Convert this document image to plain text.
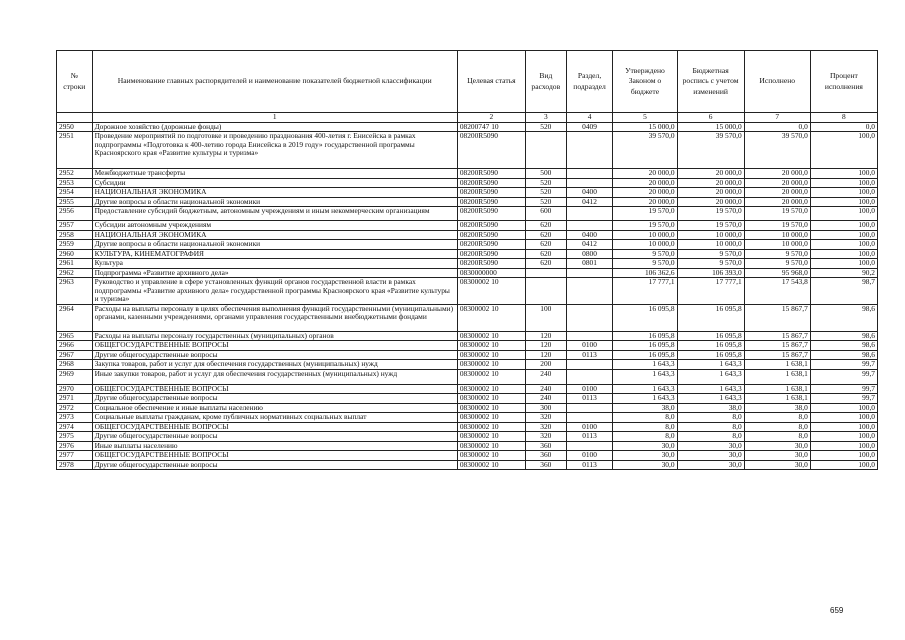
№ строки	Наименование главных распорядителей и наименование показателей бюджетной классификации	Целевая статья	Вид расходов	Раздел, подраздел	Утверждено Законом о бюджете	Бюджетная роспись с учетом изменений	Исполнено	Процент исполнения
	1	2	3	4	5	6	7	8
2950	Дорожное хозяйство (дорожные фонды)	08200747 10	520	0409	15 000,0	15 000,0	0,0	0,0
2951	Проведение мероприятий по подготовке и проведению празднования 400-летия г. Енисейска в рамках подпрограммы «Подготовка к 400-летию города Енисейска в 2019 году» государственной программы Красноярского края «Развитие культуры и туризма»	08200R5090			39 570,0	39 570,0	39 570,0	100,0
2952	Межбюджетные трансферты	08200R5090	500		20 000,0	20 000,0	20 000,0	100,0
2953	Субсидии	08200R5090	520		20 000,0	20 000,0	20 000,0	100,0
2954	НАЦИОНАЛЬНАЯ ЭКОНОМИКА	08200R5090	520	0400	20 000,0	20 000,0	20 000,0	100,0
2955	Другие вопросы в области национальной экономики	08200R5090	520	0412	20 000,0	20 000,0	20 000,0	100,0
2956	Предоставление субсидий бюджетным, автономным учреждениям и иным некоммерческим организациям	08200R5090	600		19 570,0	19 570,0	19 570,0	100,0
2957	Субсидии автономным учреждениям	08200R5090	620		19 570,0	19 570,0	19 570,0	100,0
2958	НАЦИОНАЛЬНАЯ ЭКОНОМИКА	08200R5090	620	0400	10 000,0	10 000,0	10 000,0	100,0
2959	Другие вопросы в области национальной экономики	08200R5090	620	0412	10 000,0	10 000,0	10 000,0	100,0
2960	КУЛЬТУРА, КИНЕМАТОГРАФИЯ	08200R5090	620	0800	9 570,0	9 570,0	9 570,0	100,0
2961	Культура	08200R5090	620	0801	9 570,0	9 570,0	9 570,0	100,0
2962	Подпрограмма «Развитие архивного дела»	0830000000			106 362,6	106 393,0	95 968,0	90,2
2963	Руководство и управление в сфере установленных функций органов государственной власти в рамках подпрограммы «Развитие архивного дела» государственной программы Красноярского края «Развитие культуры и туризма»	08300002 10			17 777,1	17 777,1	17 543,8	98,7
2964	Расходы на выплаты персоналу в целях обеспечения выполнения функций государственными (муниципальными) органами, казенными учреждениями, органами управления государственными внебюджетными фондами	08300002 10	100		16 095,8	16 095,8	15 867,7	98,6
2965	Расходы на выплаты персоналу государственных (муниципальных) органов	08300002 10	120		16 095,8	16 095,8	15 867,7	98,6
2966	ОБЩЕГОСУДАРСТВЕННЫЕ ВОПРОСЫ	08300002 10	120	0100	16 095,8	16 095,8	15 867,7	98,6
2967	Другие общегосударственные вопросы	08300002 10	120	0113	16 095,8	16 095,8	15 867,7	98,6
2968	Закупка товаров, работ и услуг для обеспечения государственных (муниципальных) нужд	08300002 10	200		1 643,3	1 643,3	1 638,1	99,7
2969	Иные закупки товаров, работ и услуг для обеспечения государственных (муниципальных) нужд	08300002 10	240		1 643,3	1 643,3	1 638,1	99,7
2970	ОБЩЕГОСУДАРСТВЕННЫЕ ВОПРОСЫ	08300002 10	240	0100	1 643,3	1 643,3	1 638,1	99,7
2971	Другие общегосударственные вопросы	08300002 10	240	0113	1 643,3	1 643,3	1 638,1	99,7
2972	Социальное обеспечение и иные выплаты населению	08300002 10	300		38,0	38,0	38,0	100,0
2973	Социальные выплаты гражданам, кроме публичных нормативных социальных выплат	08300002 10	320		8,0	8,0	8,0	100,0
2974	ОБЩЕГОСУДАРСТВЕННЫЕ ВОПРОСЫ	08300002 10	320	0100	8,0	8,0	8,0	100,0
2975	Другие общегосударственные вопросы	08300002 10	320	0113	8,0	8,0	8,0	100,0
2976	Иные выплаты населению	08300002 10	360		30,0	30,0	30,0	100,0
2977	ОБЩЕГОСУДАРСТВЕННЫЕ ВОПРОСЫ	08300002 10	360	0100	30,0	30,0	30,0	100,0
2978	Другие общегосударственные вопросы	08300002 10	360	0113	30,0	30,0	30,0	100,0
659
